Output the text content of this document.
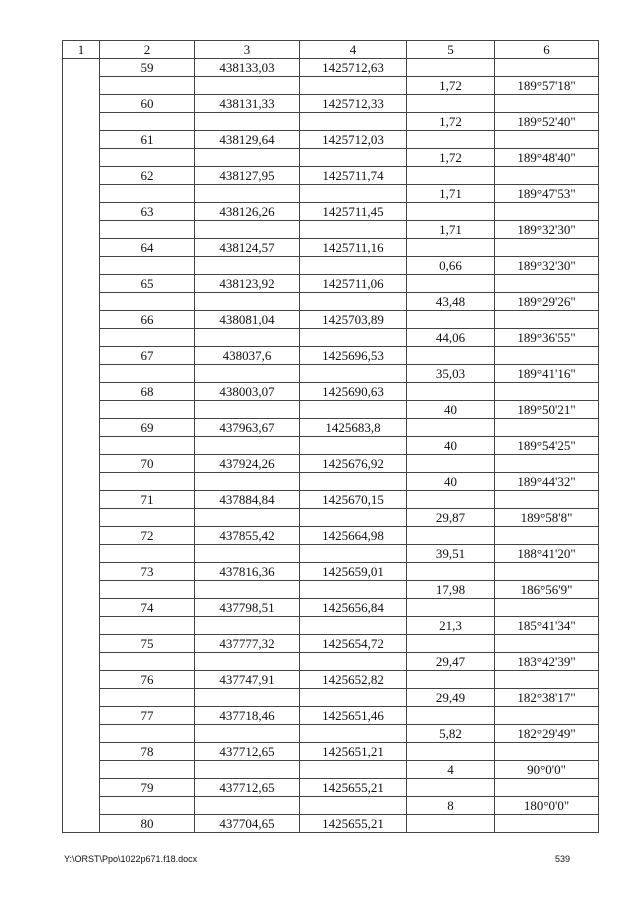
1	2	3	4	5	6
	59	438133,03	1425712,63		
				1,72	189°57'18"
	60	438131,33	1425712,33		
				1,72	189°52'40"
	61	438129,64	1425712,03		
				1,72	189°48'40"
	62	438127,95	1425711,74		
				1,71	189°47'53"
	63	438126,26	1425711,45		
				1,71	189°32'30"
	64	438124,57	1425711,16		
				0,66	189°32'30"
	65	438123,92	1425711,06		
				43,48	189°29'26"
	66	438081,04	1425703,89		
				44,06	189°36'55"
	67	438037,6	1425696,53		
				35,03	189°41'16"
	68	438003,07	1425690,63		
				40	189°50'21"
	69	437963,67	1425683,8		
				40	189°54'25"
	70	437924,26	1425676,92		
				40	189°44'32"
	71	437884,84	1425670,15		
				29,87	189°58'8"
	72	437855,42	1425664,98		
				39,51	188°41'20"
	73	437816,36	1425659,01		
				17,98	186°56'9"
	74	437798,51	1425656,84		
				21,3	185°41'34"
	75	437777,32	1425654,72		
				29,47	183°42'39"
	76	437747,91	1425652,82		
				29,49	182°38'17"
	77	437718,46	1425651,46		
				5,82	182°29'49"
	78	437712,65	1425651,21		
				4	90°0'0"
	79	437712,65	1425655,21		
				8	180°0'0"
	80	437704,65	1425655,21		
Y:\ORST\Ppo\1022p671.f18.docx	539
